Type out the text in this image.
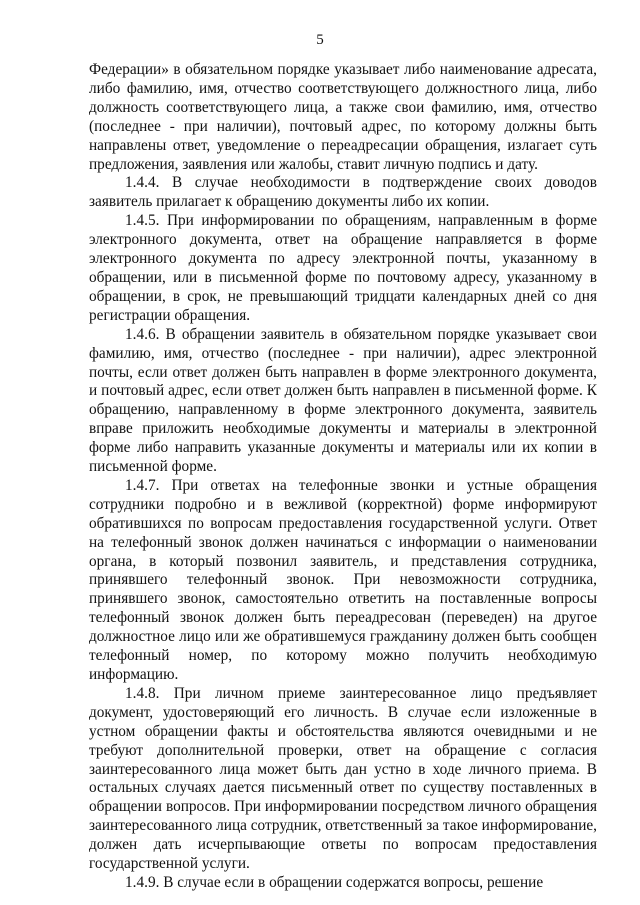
5

Федерации» в обязательном порядке указывает либо наименование адресата, либо фамилию, имя, отчество соответствующего должностного лица, либо должность соответствующего лица, а также свои фамилию, имя, отчество (последнее - при наличии), почтовый адрес, по которому должны быть направлены ответ, уведомление о переадресации обращения, излагает суть предложения, заявления или жалобы, ставит личную подпись и дату.

1.4.4. В случае необходимости в подтверждение своих доводов заявитель прилагает к обращению документы либо их копии.

1.4.5. При информировании по обращениям, направленным в форме электронного документа, ответ на обращение направляется в форме электронного документа по адресу электронной почты, указанному в обращении, или в письменной форме по почтовому адресу, указанному в обращении, в срок, не превышающий тридцати календарных дней со дня регистрации обращения.

1.4.6. В обращении заявитель в обязательном порядке указывает свои фамилию, имя, отчество (последнее - при наличии), адрес электронной почты, если ответ должен быть направлен в форме электронного документа, и почтовый адрес, если ответ должен быть направлен в письменной форме. К обращению, направленному в форме электронного документа, заявитель вправе приложить необходимые документы и материалы в электронной форме либо направить указанные документы и материалы или их копии в письменной форме.

1.4.7. При ответах на телефонные звонки и устные обращения сотрудники подробно и в вежливой (корректной) форме информируют обратившихся по вопросам предоставления государственной услуги. Ответ на телефонный звонок должен начинаться с информации о наименовании органа, в который позвонил заявитель, и представления сотрудника, принявшего телефонный звонок. При невозможности сотрудника, принявшего звонок, самостоятельно ответить на поставленные вопросы телефонный звонок должен быть переадресован (переведен) на другое должностное лицо или же обратившемуся гражданину должен быть сообщен телефонный номер, по которому можно получить необходимую информацию.

1.4.8. При личном приеме заинтересованное лицо предъявляет документ, удостоверяющий его личность. В случае если изложенные в устном обращении факты и обстоятельства являются очевидными и не требуют дополнительной проверки, ответ на обращение с согласия заинтересованного лица может быть дан устно в ходе личного приема. В остальных случаях дается письменный ответ по существу поставленных в обращении вопросов. При информировании посредством личного обращения заинтересованного лица сотрудник, ответственный за такое информирование, должен дать исчерпывающие ответы по вопросам предоставления государственной услуги.

1.4.9. В случае если в обращении содержатся вопросы, решение
